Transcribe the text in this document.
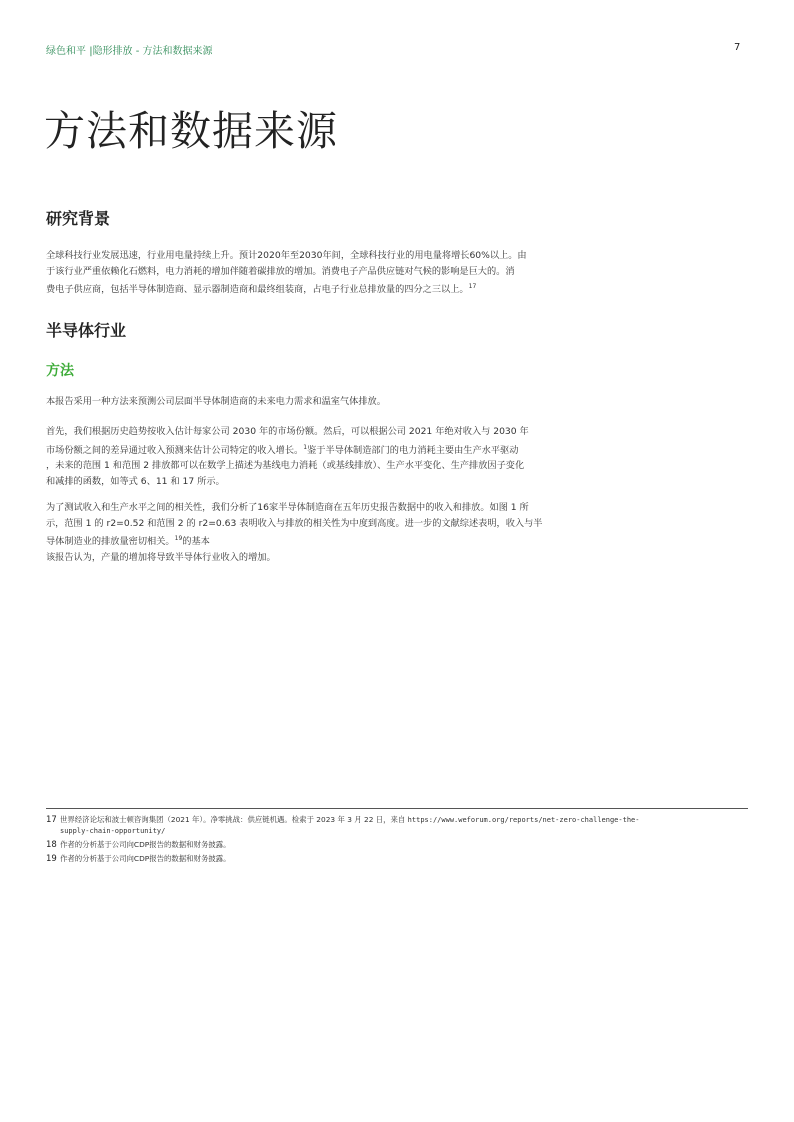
绿色和平 |隐形排放 - 方法和数据来源	7
方法和数据来源
研究背景

全球科技行业发展迅速，行业用电量持续上升。预计2020年至2030年间，全球科技行业的用电量将增长60%以上。由
于该行业严重依赖化石燃料，电力消耗的增加伴随着碳排放的增加。消费电子产品供应链对气候的影响是巨大的。消
费电子供应商，包括半导体制造商、显示器制造商和最终组装商，占电子行业总排放量的四分之三以上。$^{17}$

半导体行业
方法

本报告采用一种方法来预测公司层面半导体制造商的未来电力需求和温室气体排放。

首先，我们根据历史趋势按收入估计每家公司 2030 年的市场份额。然后，可以根据公司 2021 年绝对收入与 2030 年
市场份额之间的差异通过收入预测来估计公司特定的收入增长。$^1$鉴于半导体制造部门的电力消耗主要由生产水平驱动
，未来的范围 1 和范围 2 排放都可以在数学上描述为基线电力消耗（或基线排放）、生产水平变化、生产排放因子变化
和减排的函数，如等式 6、11 和 17 所示。

为了测试收入和生产水平之间的相关性，我们分析了16家半导体制造商在五年历史报告数据中的收入和排放。如图 1 所
示，范围 1 的 r2=0.52 和范围 2 的 r2=0.63 表明收入与排放的相关性为中度到高度。进一步的文献综述表明，收入与半
导体制造业的排放量密切相关。$^{19}$的基本
该报告认为，产量的增加将导致半导体行业收入的增加。

17 世界经济论坛和波士顿咨询集团（2021 年）。净零挑战：供应链机遇。检索于 2023 年 3 月 22 日，来自 https://www.weforum.org/reports/net-zero-challenge-the-
supply-chain-opportunity/
18 作者的分析基于公司向CDP报告的数据和财务披露。
19 作者的分析基于公司向CDP报告的数据和财务披露。
